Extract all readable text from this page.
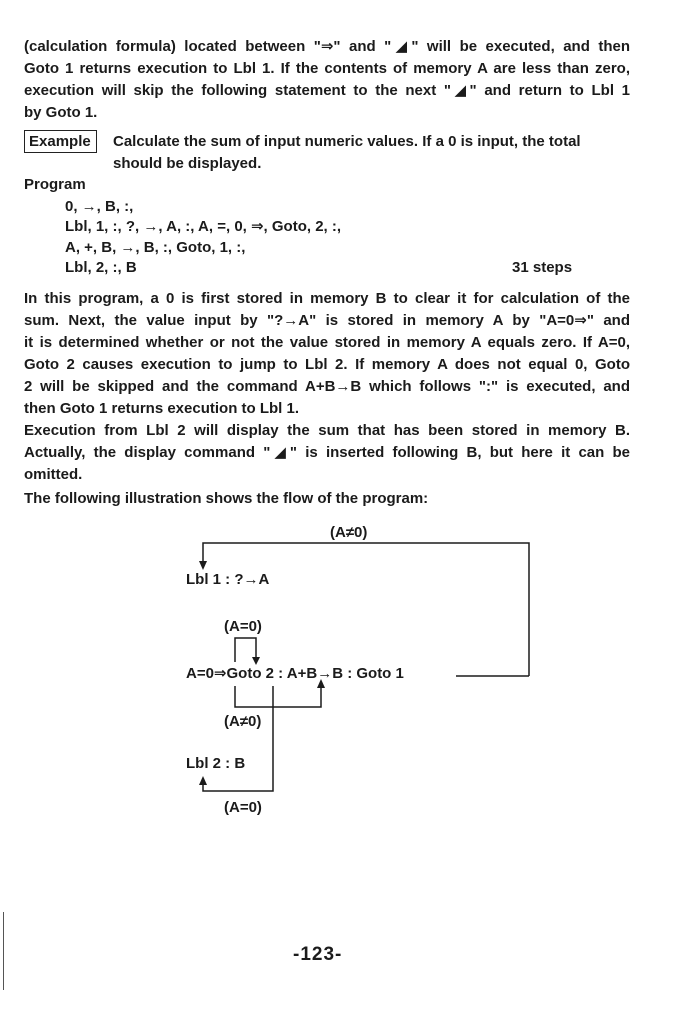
(calculation formula) located between "⇒" and "◢" will be executed, and then
Goto 1 returns execution to Lbl 1. If the contents of memory A are less than zero,
execution will skip the following statement to the next "◢" and return to Lbl 1
by Goto 1.
Example	Calculate the sum of input numeric values. If a 0 is input, the total
should be displayed.
Program
0, →, B, :,
Lbl, 1, :, ?, →, A, :, A, =, 0, ⇒, Goto, 2, :,
A, +, B, →, B, :, Goto, 1, :,
Lbl, 2, :, B	31 steps
In this program, a 0 is first stored in memory B to clear it for calculation of the
sum. Next, the value input by "?→A" is stored in memory A by "A=0⇒" and
it is determined whether or not the value stored in memory A equals zero. If A=0,
Goto 2 causes execution to jump to Lbl 2. If memory A does not equal 0, Goto
2 will be skipped and the command A+B→B which follows ":" is executed, and
then Goto 1 returns execution to Lbl 1.
Execution from Lbl 2 will display the sum that has been stored in memory B.
Actually, the display command "◢" is inserted following B, but here it can be
omitted.
The following illustration shows the flow of the program:
(A≠0)
Lbl 1 : ?→A
(A=0)
A=0⇒Goto 2 : A+B→B : Goto 1
(A≠0)
Lbl 2 : B
(A=0)
-123-
